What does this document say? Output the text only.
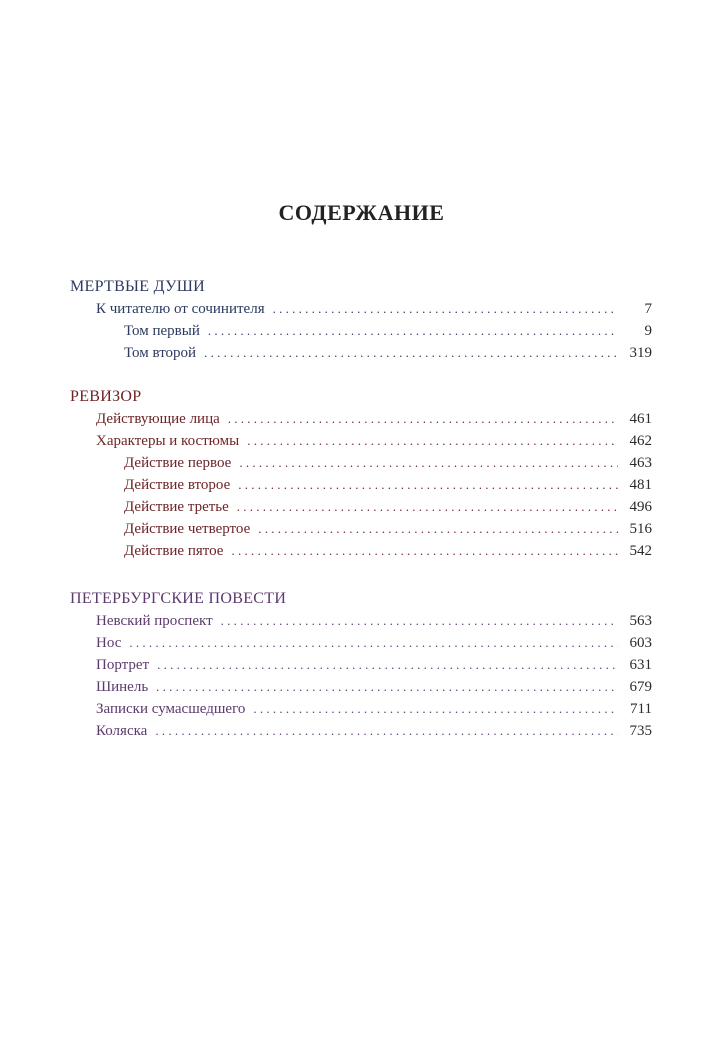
СОДЕРЖАНИЕ
МЕРТВЫЕ ДУШИ
К читателю от сочинителя . . .	7
Том первый . . .	9
Том второй . . .	319
РЕВИЗОР
Действующие лица . . .	461
Характеры и костюмы . . .	462
Действие первое . . .	463
Действие второе . . .	481
Действие третье . . .	496
Действие четвертое . . .	516
Действие пятое . . .	542
ПЕТЕРБУРГСКИЕ ПОВЕСТИ
Невский проспект . . .	563
Нос . . .	603
Портрет . . .	631
Шинель . . .	679
Записки сумасшедшего . . .	711
Коляска . . .	735
